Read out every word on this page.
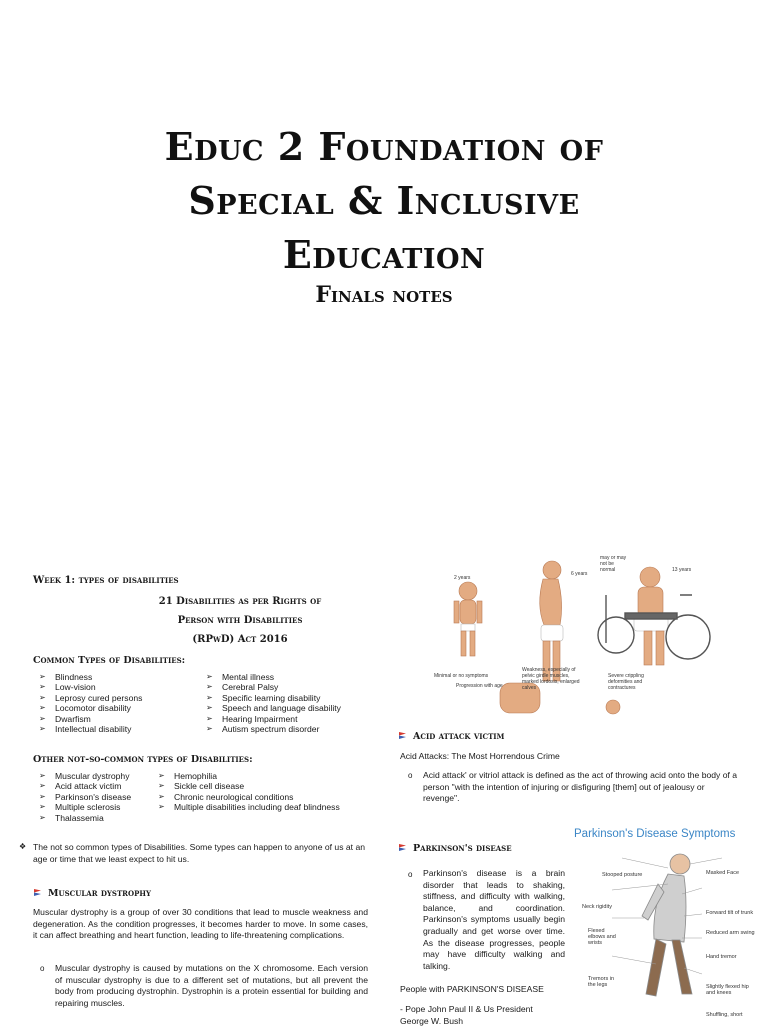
Educ 2 Foundation of
Special & Inclusive
Education
Finals notes
Week 1: types of disabilities
21 Disabilities as per Rights of
Person with Disabilities
(RPwD) Act 2016
Common Types of Disabilities:
➢ Blindness
➢ Low-vision
➢ Leprosy cured persons
➢ Locomotor disability
➢ Dwarfism
➢ Intellectual disability
➢ Mental illness
➢ Cerebral Palsy
➢ Specific learning disability
➢ Speech and language disability
➢ Hearing Impairment
➢ Autism spectrum disorder
Other not-so-common types of Disabilities:
➢ Muscular dystrophy
➢ Acid attack victim
➢ Parkinson's disease
➢ Multiple sclerosis
➢ Thalassemia
➢ Hemophilia
➢ Sickle cell disease
➢ Chronic neurological conditions
➢ Multiple disabilities including deaf blindness
❖ The not so common types of Disabilities. Some types can happen to anyone of us at an age or time that we least expect to hit us.
Muscular dystrophy
Muscular dystrophy is a group of over 30 conditions that lead to muscle weakness and degeneration. As the condition progresses, it becomes harder to move. In some cases, it can affect breathing and heart function, leading to life-threatening complications.
o Muscular dystrophy is caused by mutations on the X chromosome. Each version of muscular dystrophy is due to a different set of mutations, but all prevent the body from producing dystrophin. Dystrophin is a protein essential for building and repairing muscles.
2 years
6 years
13 years
may or may not be normal
Minimal or no symptoms
Progression with age
Weakness, especially of pelvic girdle muscles, marked lordosis, enlarged calves
Severe crippling deformities and contractures
Acid attack victim
Acid Attacks: The Most Horrendous Crime
o Acid attack' or vitriol attack is defined as the act of throwing acid onto the body of a person "with the intention of injuring or disfiguring [them] out of jealousy or revenge".
Parkinson's disease
o Parkinson's disease is a brain disorder that leads to shaking, stiffness, and difficulty with walking, balance, and coordination. Parkinson's symptoms usually begin gradually and get worse over time. As the disease progresses, people may have difficulty walking and talking.
People with PARKINSON'S DISEASE
- Pope John Paul II & Us President
George W. Bush
Parkinson's Disease Symptoms
Stooped posture
Neck rigidity
Flexed elbows and wrists
Tremors in the legs
Masked Face
Forward tilt of trunk
Reduced arm swing
Hand tremor
Slightly flexed hip and knees
Shuffling, short
